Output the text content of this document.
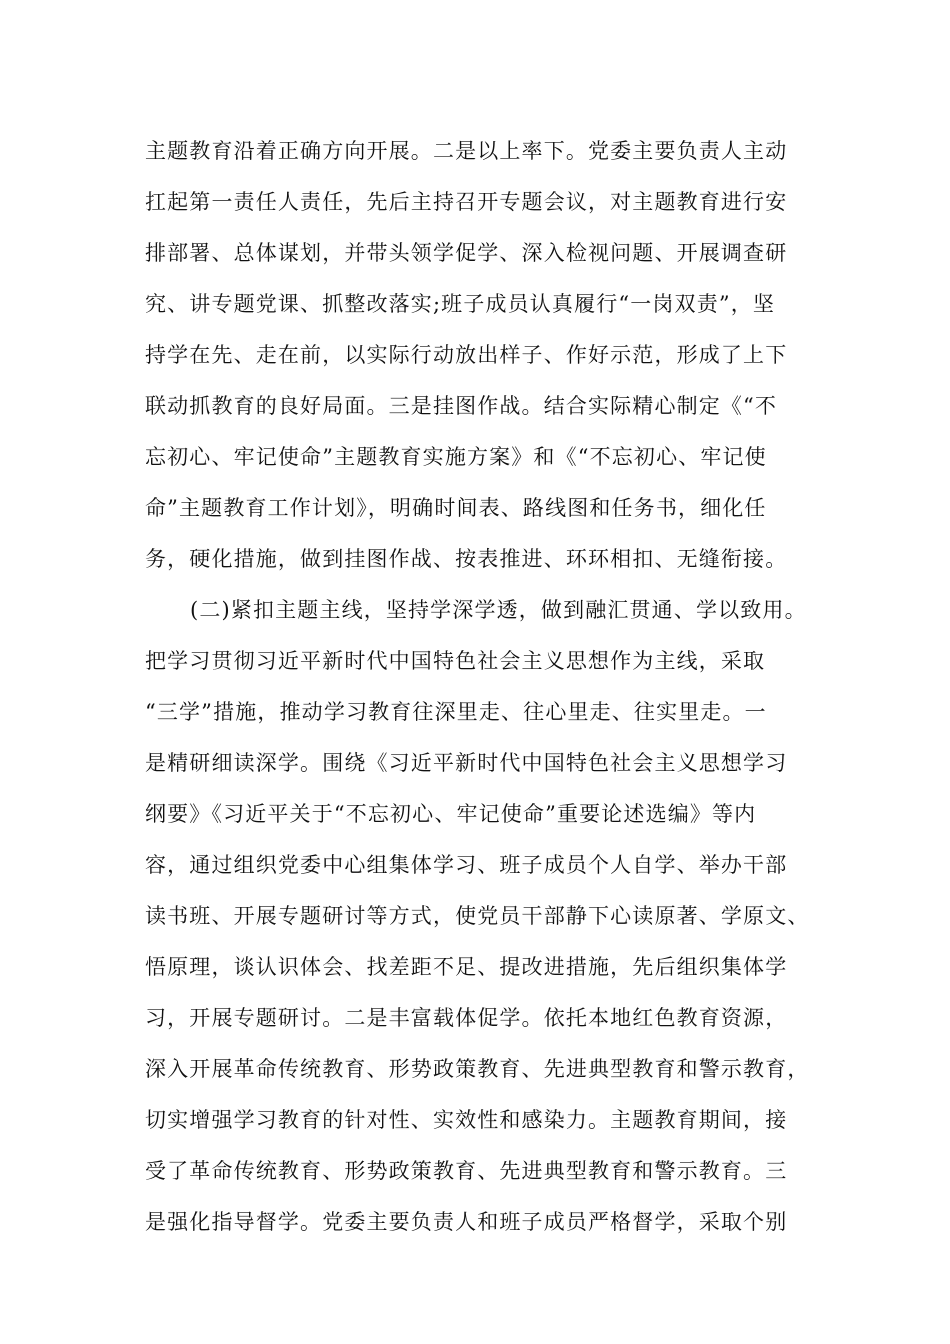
主题教育沿着正确方向开展。二是以上率下。党委主要负责人主动
扛起第一责任人责任，先后主持召开专题会议，对主题教育进行安
排部署、总体谋划，并带头领学促学、深入检视问题、开展调查研
究、讲专题党课、抓整改落实;班子成员认真履行“一岗双责”，坚
持学在先、走在前，以实际行动放出样子、作好示范，形成了上下
联动抓教育的良好局面。三是挂图作战。结合实际精心制定《“不
忘初心、牢记使命”主题教育实施方案》和《“不忘初心、牢记使
命”主题教育工作计划》，明确时间表、路线图和任务书，细化任
务，硬化措施，做到挂图作战、按表推进、环环相扣、无缝衔接。
(二)紧扣主题主线，坚持学深学透，做到融汇贯通、学以致用。
把学习贯彻习近平新时代中国特色社会主义思想作为主线，采取
“三学”措施，推动学习教育往深里走、往心里走、往实里走。一
是精研细读深学。围绕《习近平新时代中国特色社会主义思想学习
纲要》《习近平关于“不忘初心、牢记使命”重要论述选编》等内
容，通过组织党委中心组集体学习、班子成员个人自学、举办干部
读书班、开展专题研讨等方式，使党员干部静下心读原著、学原文、
悟原理，谈认识体会、找差距不足、提改进措施，先后组织集体学
习，开展专题研讨。二是丰富载体促学。依托本地红色教育资源，
深入开展革命传统教育、形势政策教育、先进典型教育和警示教育，
切实增强学习教育的针对性、实效性和感染力。主题教育期间，接
受了革命传统教育、形势政策教育、先进典型教育和警示教育。三
是强化指导督学。党委主要负责人和班子成员严格督学，采取个别
